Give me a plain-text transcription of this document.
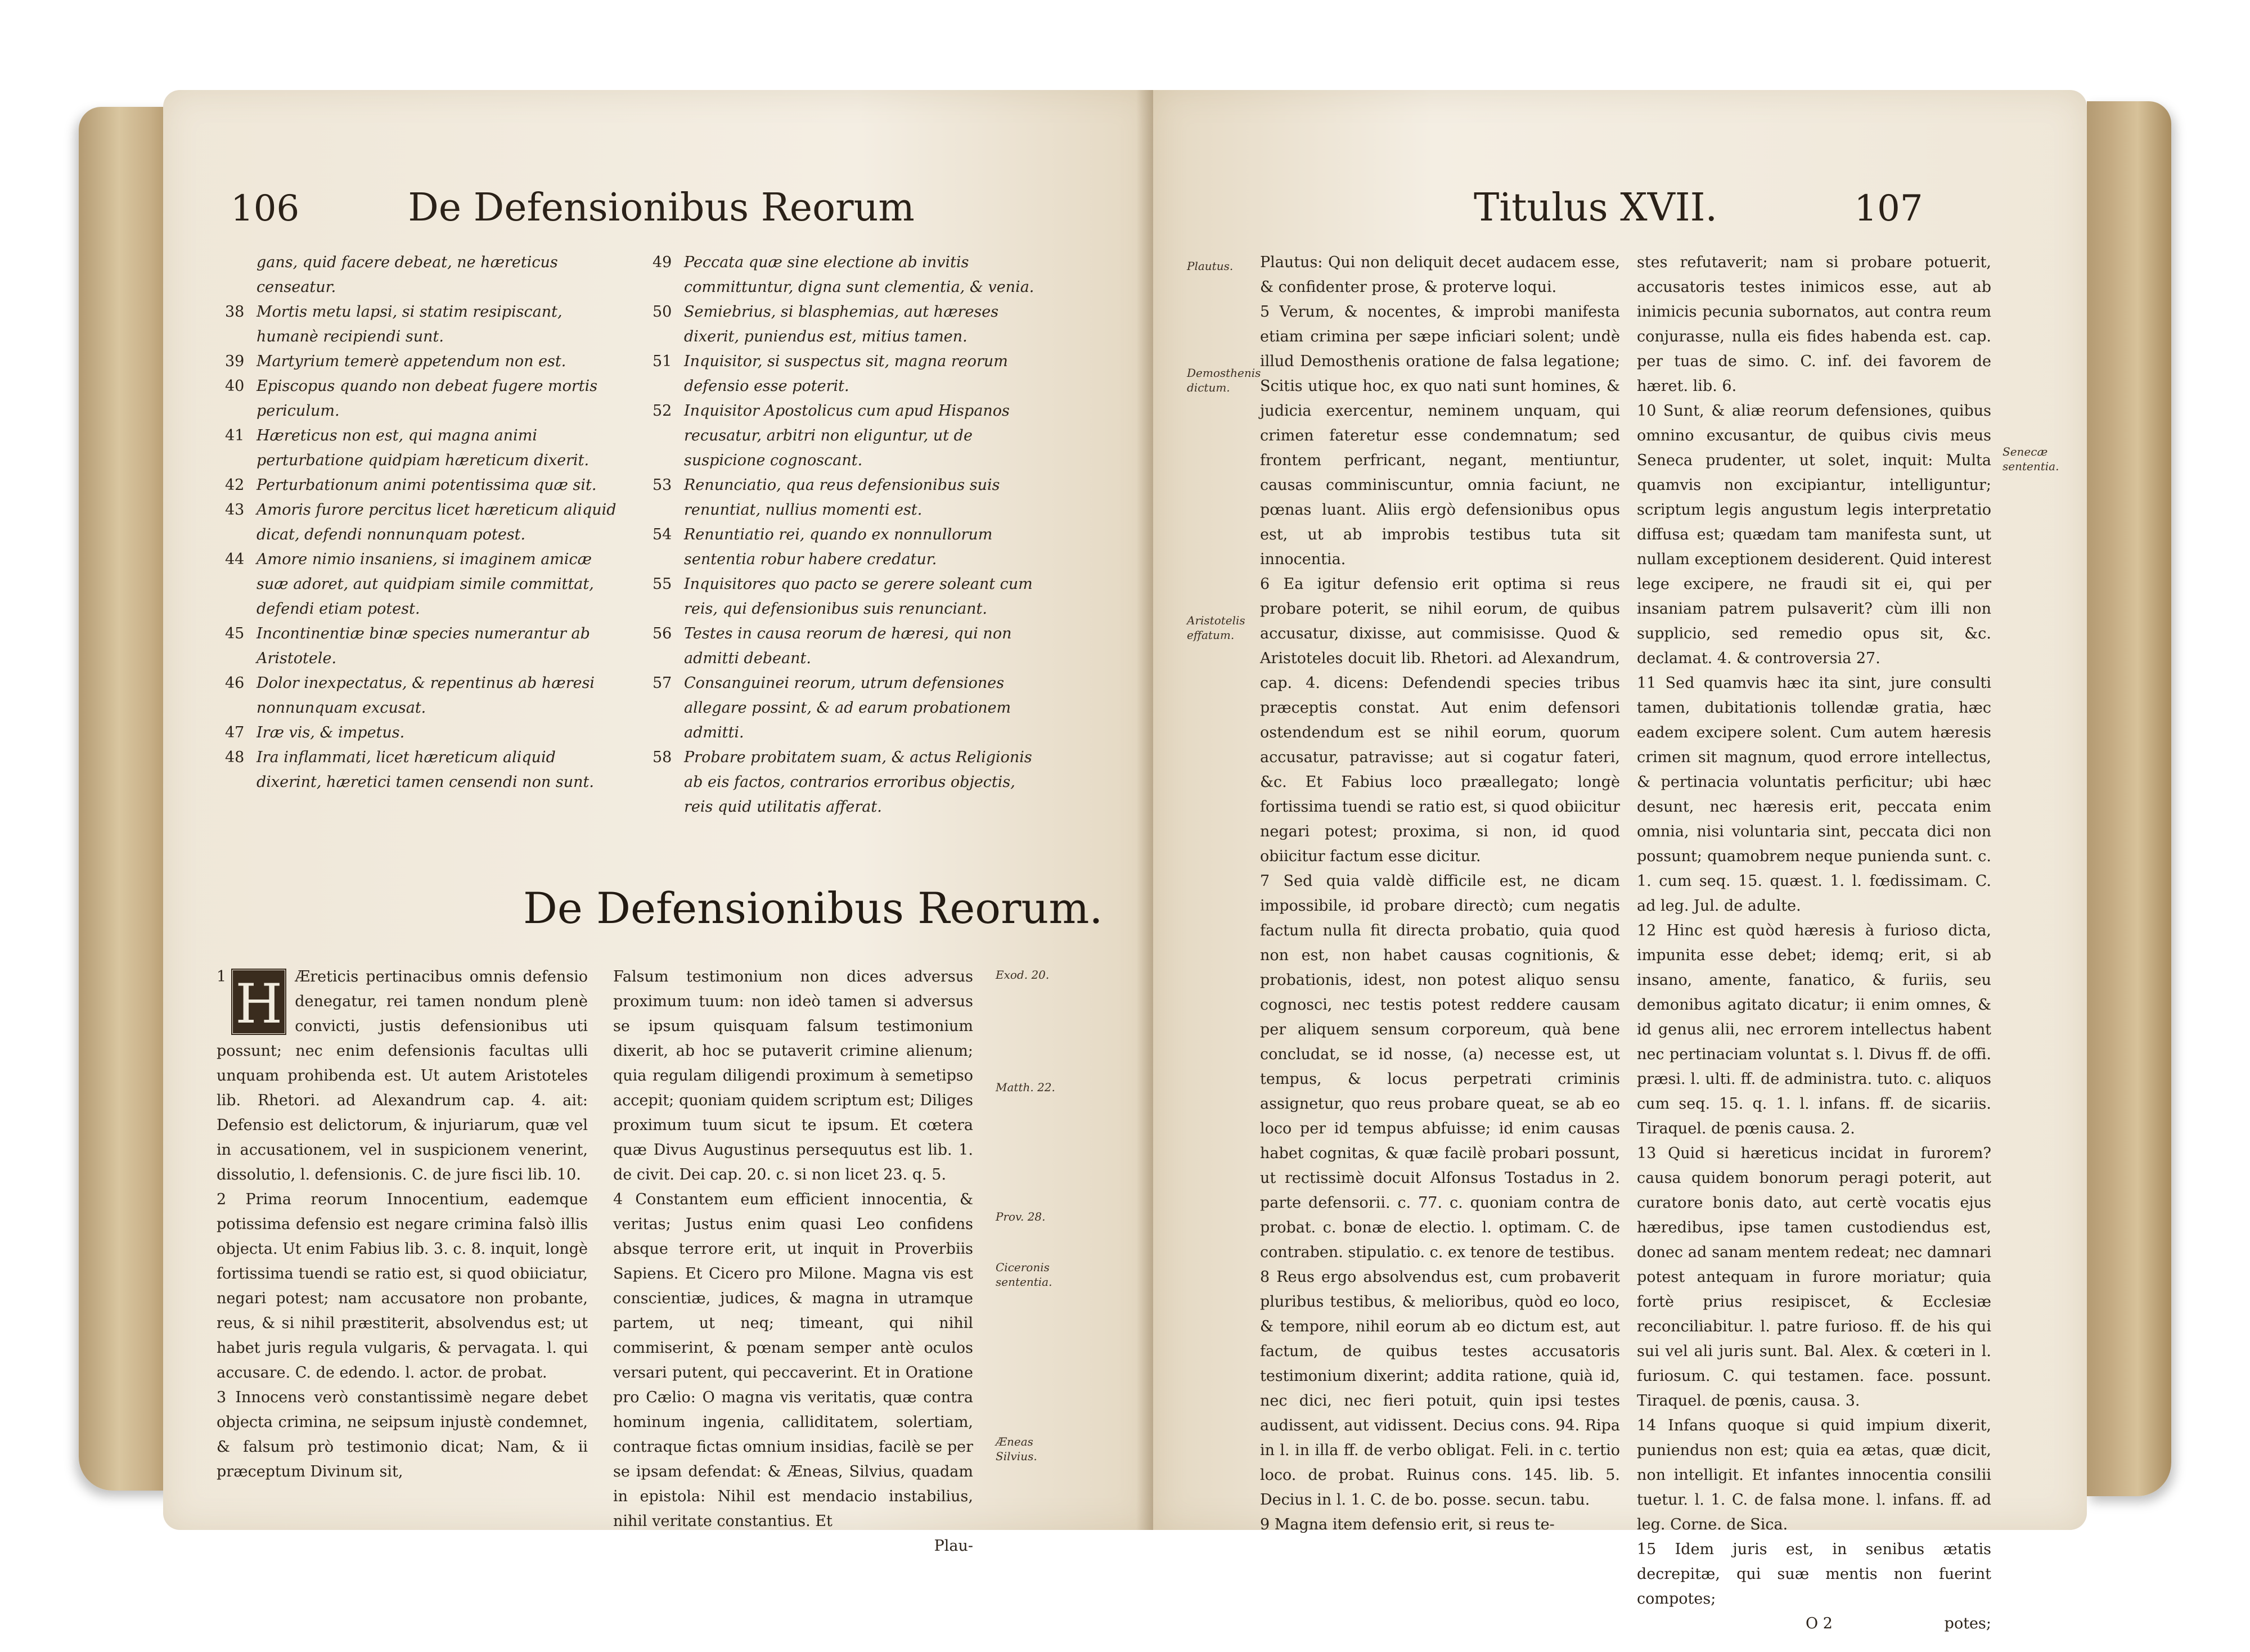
106	De Defensionibus Reorum
gans, quid facere debeat, ne hæreticus censeatur.
38 Mortis metu lapsi, si statim resipiscant, humanè recipiendi sunt.
39 Martyrium temerè appetendum non est.
40 Episcopus quando non debeat fugere mortis periculum.
41 Hæreticus non est, qui magna animi perturbatione quidpiam hæreticum dixerit.
42 Perturbationum animi potentissima quæ sit.
43 Amoris furore percitus licet hæreticum aliquid dicat, defendi nonnunquam potest.
44 Amore nimio insaniens, si imaginem amicæ suæ adoret, aut quidpiam simile committat, defendi etiam potest.
45 Incontinentiæ binæ species numerantur ab Aristotele.
46 Dolor inexpectatus, & repentinus ab hæresi nonnunquam excusat.
47 Iræ vis, & impetus.
48 Ira inflammati, licet hæreticum aliquid dixerint, hæretici tamen censendi non sunt.
49 Peccata quæ sine electione ab invitis committuntur, digna sunt clementia, & venia.
50 Semiebrius, si blasphemias, aut hæreses dixerit, puniendus est, mitius tamen.
51 Inquisitor, si suspectus sit, magna reorum defensio esse poterit.
52 Inquisitor Apostolicus cum apud Hispanos recusatur, arbitri non eliguntur, ut de suspicione cognoscant.
53 Renunciatio, qua reus defensionibus suis renuntiat, nullius momenti est.
54 Renuntiatio rei, quando ex nonnullorum sententia robur habere credatur.
55 Inquisitores quo pacto se gerere soleant cum reis, qui defensionibus suis renunciant.
56 Testes in causa reorum de hæresi, qui non admitti debeant.
57 Consanguinei reorum, utrum defensiones allegare possint, & ad earum probationem admitti.
58 Probare probitatem suam, & actus Religionis ab eis factos, contrarios erroribus objectis, reis quid utilitatis afferat.
De Defensionibus Reorum.

1 H Æreticis pertinacibus omnis defensio denegatur, rei tamen nondum plenè convicti, justis defensionibus uti possunt; nec enim defensionis facultas ulli unquam prohibenda est. Ut autem Aristoteles lib. Rhetori. ad Alexandrum cap. 4. ait: Defensio est delictorum, & injuriarum, quæ vel in accusationem, vel in suspicionem venerint, dissolutio, l. defensionis. C. de jure fisci lib. 10.

2 Prima reorum Innocentium, eademque potissima defensio est negare crimina falsò illis objecta. Ut enim Fabius lib. 3. c. 8. inquit, longè fortissima tuendi se ratio est, si quod obiiciatur, negari potest; nam accusatore non probante, reus, & si nihil præstiterit, absolvendus est; ut habet juris regula vulgaris, & pervagata. l. qui accusare. C. de edendo. l. actor. de probat.

3 Innocens verò constantissimè negare debet objecta crimina, ne seipsum injustè condemnet, & falsum prò testimonio dicat; Nam, & ii præceptum Divinum sit,

Falsum testimonium non dices adversus proximum tuum: non ideò tamen si adversus se ipsum quisquam falsum testimonium dixerit, ab hoc se putaverit crimine alienum; quia regulam diligendi proximum à semetipso accepit; quoniam quidem scriptum est; Diliges proximum tuum sicut te ipsum. Et cœtera quæ Divus Augustinus persequutus est lib. 1. de civit. Dei cap. 20. c. si non licet 23. q. 5.

4 Constantem eum efficient innocentia, & veritas; Justus enim quasi Leo confidens absque terrore erit, ut inquit in Proverbiis Sapiens. Et Cicero pro Milone. Magna vis est conscientiæ, judices, & magna in utramque partem, ut neq; timeant, qui nihil commiserint, & pœnam semper antè oculos versari putent, qui peccaverint. Et in Oratione pro Cælio: O magna vis veritatis, quæ contra hominum ingenia, calliditatem, solertiam, contraque fictas omnium insidias, facilè se per se ipsam defendat: & Æneas, Silvius, quadam in epistola: Nihil est mendacio instabilius, nihil veritate constantius. Et

Plau-

Exod. 20.
Matth. 22.
Prov. 28.
Ciceronis sententia.
Æneas Silvius.
Titulus XVII.	107
Plautus.
Demosthenis dictum.
Aristotelis effatum.
Senecæ sententia.

Plautus: Qui non deliquit decet audacem esse, & confidenter prose, & proterve loqui.

5 Verum, & nocentes, & improbi manifesta etiam crimina per sæpe inficiari solent; undè illud Demosthenis oratione de falsa legatione; Scitis utique hoc, ex quo nati sunt homines, & judicia exercentur, neminem unquam, qui crimen fateretur esse condemnatum; sed frontem perfricant, negant, mentiuntur, causas comminiscuntur, omnia faciunt, ne pœnas luant. Aliis ergò defensionibus opus est, ut ab improbis testibus tuta sit innocentia.

6 Ea igitur defensio erit optima si reus probare poterit, se nihil eorum, de quibus accusatur, dixisse, aut commisisse. Quod & Aristoteles docuit lib. Rhetori. ad Alexandrum, cap. 4. dicens: Defendendi species tribus præceptis constat. Aut enim defensori ostendendum est se nihil eorum, quorum accusatur, patravisse; aut si cogatur fateri, &c. Et Fabius loco præallegato; longè fortissima tuendi se ratio est, si quod obiicitur negari potest; proxima, si non, id quod obiicitur factum esse dicitur.

7 Sed quia valdè difficile est, ne dicam impossibile, id probare directò; cum negatis factum nulla fit directa probatio, quia quod non est, non habet causas cognitionis, & probationis, idest, non potest aliquo sensu cognosci, nec testis potest reddere causam per aliquem sensum corporeum, quà bene concludat, se id nosse, (a) necesse est, ut tempus, & locus perpetrati criminis assignetur, quo reus probare queat, se ab eo loco per id tempus abfuisse; id enim causas habet cognitas, & quæ facilè probari possunt, ut rectissimè docuit Alfonsus Tostadus in 2. parte defensorii. c. 77. c. quoniam contra de probat. c. bonæ de electio. l. optimam. C. de contraben. stipulatio. c. ex tenore de testibus.

8 Reus ergo absolvendus est, cum probaverit pluribus testibus, & melioribus, quòd eo loco, & tempore, nihil eorum ab eo dictum est, aut factum, de quibus testes accusatoris testimonium dixerint; addita ratione, quià id, nec dici, nec fieri potuit, quin ipsi testes audissent, aut vidissent. Decius cons. 94. Ripa in l. in illa ff. de verbo obligat. Feli. in c. tertio loco. de probat. Ruinus cons. 145. lib. 5. Decius in l. 1. C. de bo. posse. secun. tabu.

9 Magna item defensio erit, si reus te-

stes refutaverit; nam si probare potuerit, accusatoris testes inimicos esse, aut ab inimicis pecunia subornatos, aut contra reum conjurasse, nulla eis fides habenda est. cap. per tuas de simo. C. inf. dei favorem de hæret. lib. 6.

10 Sunt, & aliæ reorum defensiones, quibus omnino excusantur, de quibus civis meus Seneca prudenter, ut solet, inquit: Multa quamvis non excipiantur, intelliguntur; scriptum legis angustum legis interpretatio diffusa est; quædam tam manifesta sunt, ut nullam exceptionem desiderent. Quid interest lege excipere, ne fraudi sit ei, qui per insaniam patrem pulsaverit? cùm illi non supplicio, sed remedio opus sit, &c. declamat. 4. & controversia 27.

11 Sed quamvis hæc ita sint, jure consulti tamen, dubitationis tollendæ gratia, hæc eadem excipere solent. Cum autem hæresis crimen sit magnum, quod errore intellectus, & pertinacia voluntatis perficitur; ubi hæc desunt, nec hæresis erit, peccata enim omnia, nisi voluntaria sint, peccata dici non possunt; quamobrem neque punienda sunt. c. 1. cum seq. 15. quæst. 1. l. fœdissimam. C. ad leg. Jul. de adulte.

12 Hinc est quòd hæresis à furioso dicta, impunita esse debet; idemq; erit, si ab insano, amente, fanatico, & furiis, seu demonibus agitato dicatur; ii enim omnes, & id genus alii, nec errorem intellectus habent nec pertinaciam voluntat s. l. Divus ff. de offi. præsi. l. ulti. ff. de administra. tuto. c. aliquos cum seq. 15. q. 1. l. infans. ff. de sicariis. Tiraquel. de pœnis causa. 2.

13 Quid si hæreticus incidat in furorem? causa quidem bonorum peragi poterit, aut curatore bonis dato, aut certè vocatis ejus hæredibus, ipse tamen custodiendus est, donec ad sanam mentem redeat; nec damnari potest antequam in furore moriatur; quia fortè prius resipiscet, & Ecclesiæ reconciliabitur. l. patre furioso. ff. de his qui sui vel ali juris sunt. Bal. Alex. & cœteri in l. furiosum. C. qui testamen. face. possunt. Tiraquel. de pœnis, causa. 3.

14 Infans quoque si quid impium dixerit, puniendus non est; quia ea ætas, quæ dicit, non intelligit. Et infantes innocentia consilii tuetur. l. 1. C. de falsa mone. l. infans. ff. ad leg. Corne. de Sica.

15 Idem juris est, in senibus ætatis decrepitæ, qui suæ mentis non fuerint compotes;

O 2	potes;
